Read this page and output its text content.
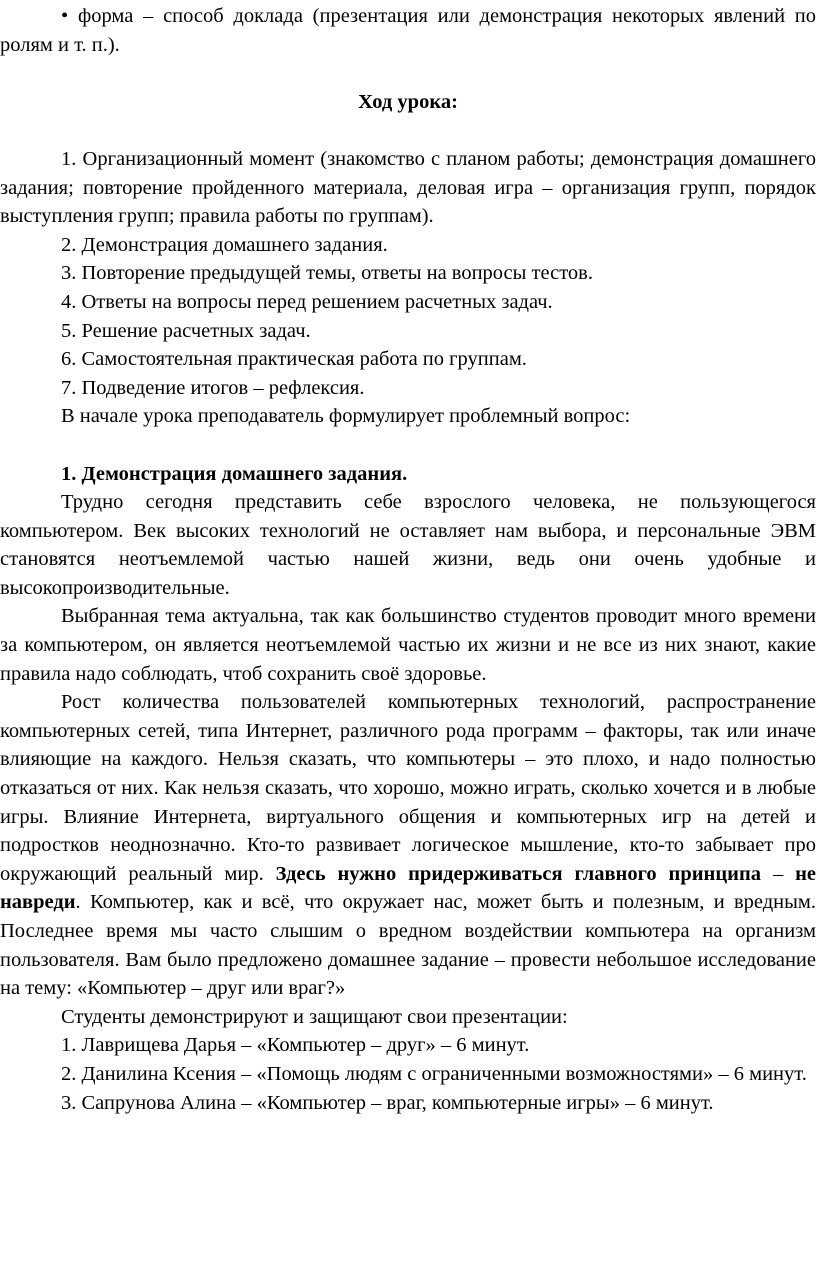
• форма – способ доклада (презентация или демонстрация некоторых явлений по ролям и т. п.).

Ход урока:

1. Организационный момент (знакомство с планом работы; демонстрация домашнего задания; повторение пройденного материала, деловая игра – организация групп, порядок выступления групп; правила работы по группам).

2. Демонстрация домашнего задания.

3. Повторение предыдущей темы, ответы на вопросы тестов.

4. Ответы на вопросы перед решением расчетных задач.

5. Решение расчетных задач.

6. Самостоятельная практическая работа по группам.

7. Подведение итогов – рефлексия.

В начале урока преподаватель формулирует проблемный вопрос:

1. Демонстрация домашнего задания.

Трудно сегодня представить себе взрослого человека, не пользующегося компьютером. Век высоких технологий не оставляет нам выбора, и персональные ЭВМ становятся неотъемлемой частью нашей жизни, ведь они очень удобные и высокопроизводительные.

Выбранная тема актуальна, так как большинство студентов проводит много времени за компьютером, он является неотъемлемой частью их жизни и не все из них знают, какие правила надо соблюдать, чтоб сохранить своё здоровье.

Рост количества пользователей компьютерных технологий, распространение компьютерных сетей, типа Интернет, различного рода программ – факторы, так или иначе влияющие на каждого. Нельзя сказать, что компьютеры – это плохо, и надо полностью отказаться от них. Как нельзя сказать, что хорошо, можно играть, сколько хочется и в любые игры. Влияние Интернета, виртуального общения и компьютерных игр на детей и подростков неоднозначно. Кто-то развивает логическое мышление, кто-то забывает про окружающий реальный мир. Здесь нужно придерживаться главного принципа – не навреди. Компьютер, как и всё, что окружает нас, может быть и полезным, и вредным. Последнее время мы часто слышим о вредном воздействии компьютера на организм пользователя. Вам было предложено домашнее задание – провести небольшое исследование на тему: «Компьютер – друг или враг?»

Студенты демонстрируют и защищают свои презентации:

1. Лаврищева Дарья – «Компьютер – друг» – 6 минут.

2. Данилина Ксения – «Помощь людям с ограниченными возможностями» – 6 минут.

3. Сапрунова Алина – «Компьютер – враг, компьютерные игры» – 6 минут.
